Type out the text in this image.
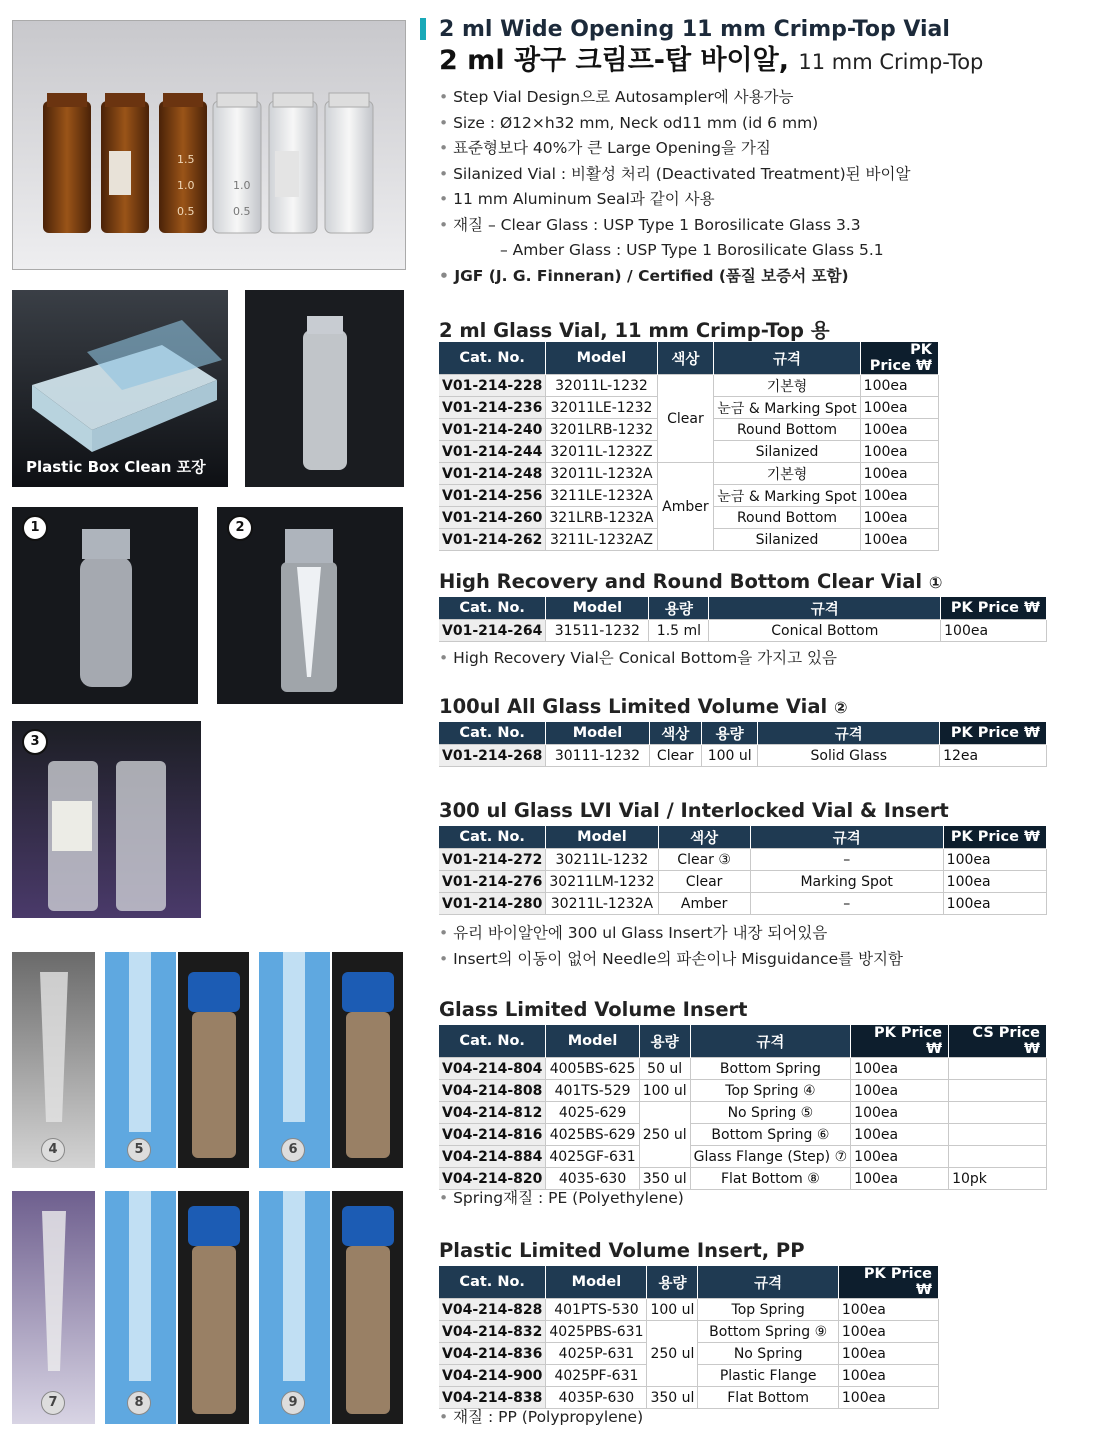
1.5
1.0
0.5
1.0
0.5
Plastic Box Clean 포장
1	2
3
4	5	6
7	8	9
2 ml Wide Opening 11 mm Crimp-Top Vial
2 ml 광구 크림프-탑 바이알, 11 mm Crimp-Top
• Step Vial Design으로 Autosampler에 사용가능
• Size : Ø12×h32 mm, Neck od11 mm (id 6 mm)
• 표준형보다 40%가 큰 Large Opening을 가짐
• Silanized Vial : 비활성 처리 (Deactivated Treatment)된 바이알
• 11 mm Aluminum Seal과 같이 사용
• 재질 – Clear Glass : USP Type 1 Borosilicate Glass 3.3
– Amber Glass : USP Type 1 Borosilicate Glass 5.1
• JGF (J. G. Finneran) / Certified (품질 보증서 포함)
2 ml Glass Vial, 11 mm Crimp-Top 용
Cat. No.	Model	색상	규격	PK Price ₩
V01-214-228	32011L-1232	Clear	기본형	100ea
V01-214-236	32011LE-1232		눈금 & Marking Spot	100ea
V01-214-240	3201LRB-1232		Round Bottom	100ea
V01-214-244	32011L-1232Z		Silanized	100ea
V01-214-248	32011L-1232A	Amber	기본형	100ea
V01-214-256	3211LE-1232A		눈금 & Marking Spot	100ea
V01-214-260	321LRB-1232A		Round Bottom	100ea
V01-214-262	3211L-1232AZ		Silanized	100ea
High Recovery and Round Bottom Clear Vial ①
Cat. No.	Model	용량	규격	PK Price ₩
V01-214-264	31511-1232	1.5 ml	Conical Bottom	100ea
• High Recovery Vial은 Conical Bottom을 가지고 있음
100ul All Glass Limited Volume Vial ②
Cat. No.	Model	색상	용량	규격	PK Price ₩
V01-214-268	30111-1232	Clear	100 ul	Solid Glass	12ea
300 ul Glass LVI Vial / Interlocked Vial & Insert
Cat. No.	Model	색상	규격	PK Price ₩
V01-214-272	30211L-1232	Clear ③	–	100ea
V01-214-276	30211LM-1232	Clear	Marking Spot	100ea
V01-214-280	30211L-1232A	Amber	–	100ea
• 유리 바이알안에 300 ul Glass Insert가 내장 되어있음
• Insert의 이동이 없어 Needle의 파손이나 Misguidance를 방지함
Glass Limited Volume Insert
Cat. No.	Model	용량	규격	PK Price ₩	CS Price ₩
V04-214-804	4005BS-625	50 ul	Bottom Spring	100ea	
V04-214-808	401TS-529	100 ul	Top Spring ④	100ea	
V04-214-812	4025-629	250 ul	No Spring ⑤	100ea	
V04-214-816	4025BS-629		Bottom Spring ⑥	100ea	
V04-214-884	4025GF-631		Glass Flange (Step) ⑦	100ea	
V04-214-820	4035-630	350 ul	Flat Bottom ⑧	100ea	10pk
• Spring재질 : PE (Polyethylene)
Plastic Limited Volume Insert, PP
Cat. No.	Model	용량	규격	PK Price ₩
V04-214-828	401PTS-530	100 ul	Top Spring	100ea
V04-214-832	4025PBS-631	250 ul	Bottom Spring ⑨	100ea
V04-214-836	4025P-631		No Spring	100ea
V04-214-900	4025PF-631		Plastic Flange	100ea
V04-214-838	4035P-630	350 ul	Flat Bottom	100ea
• 재질 : PP (Polypropylene)
